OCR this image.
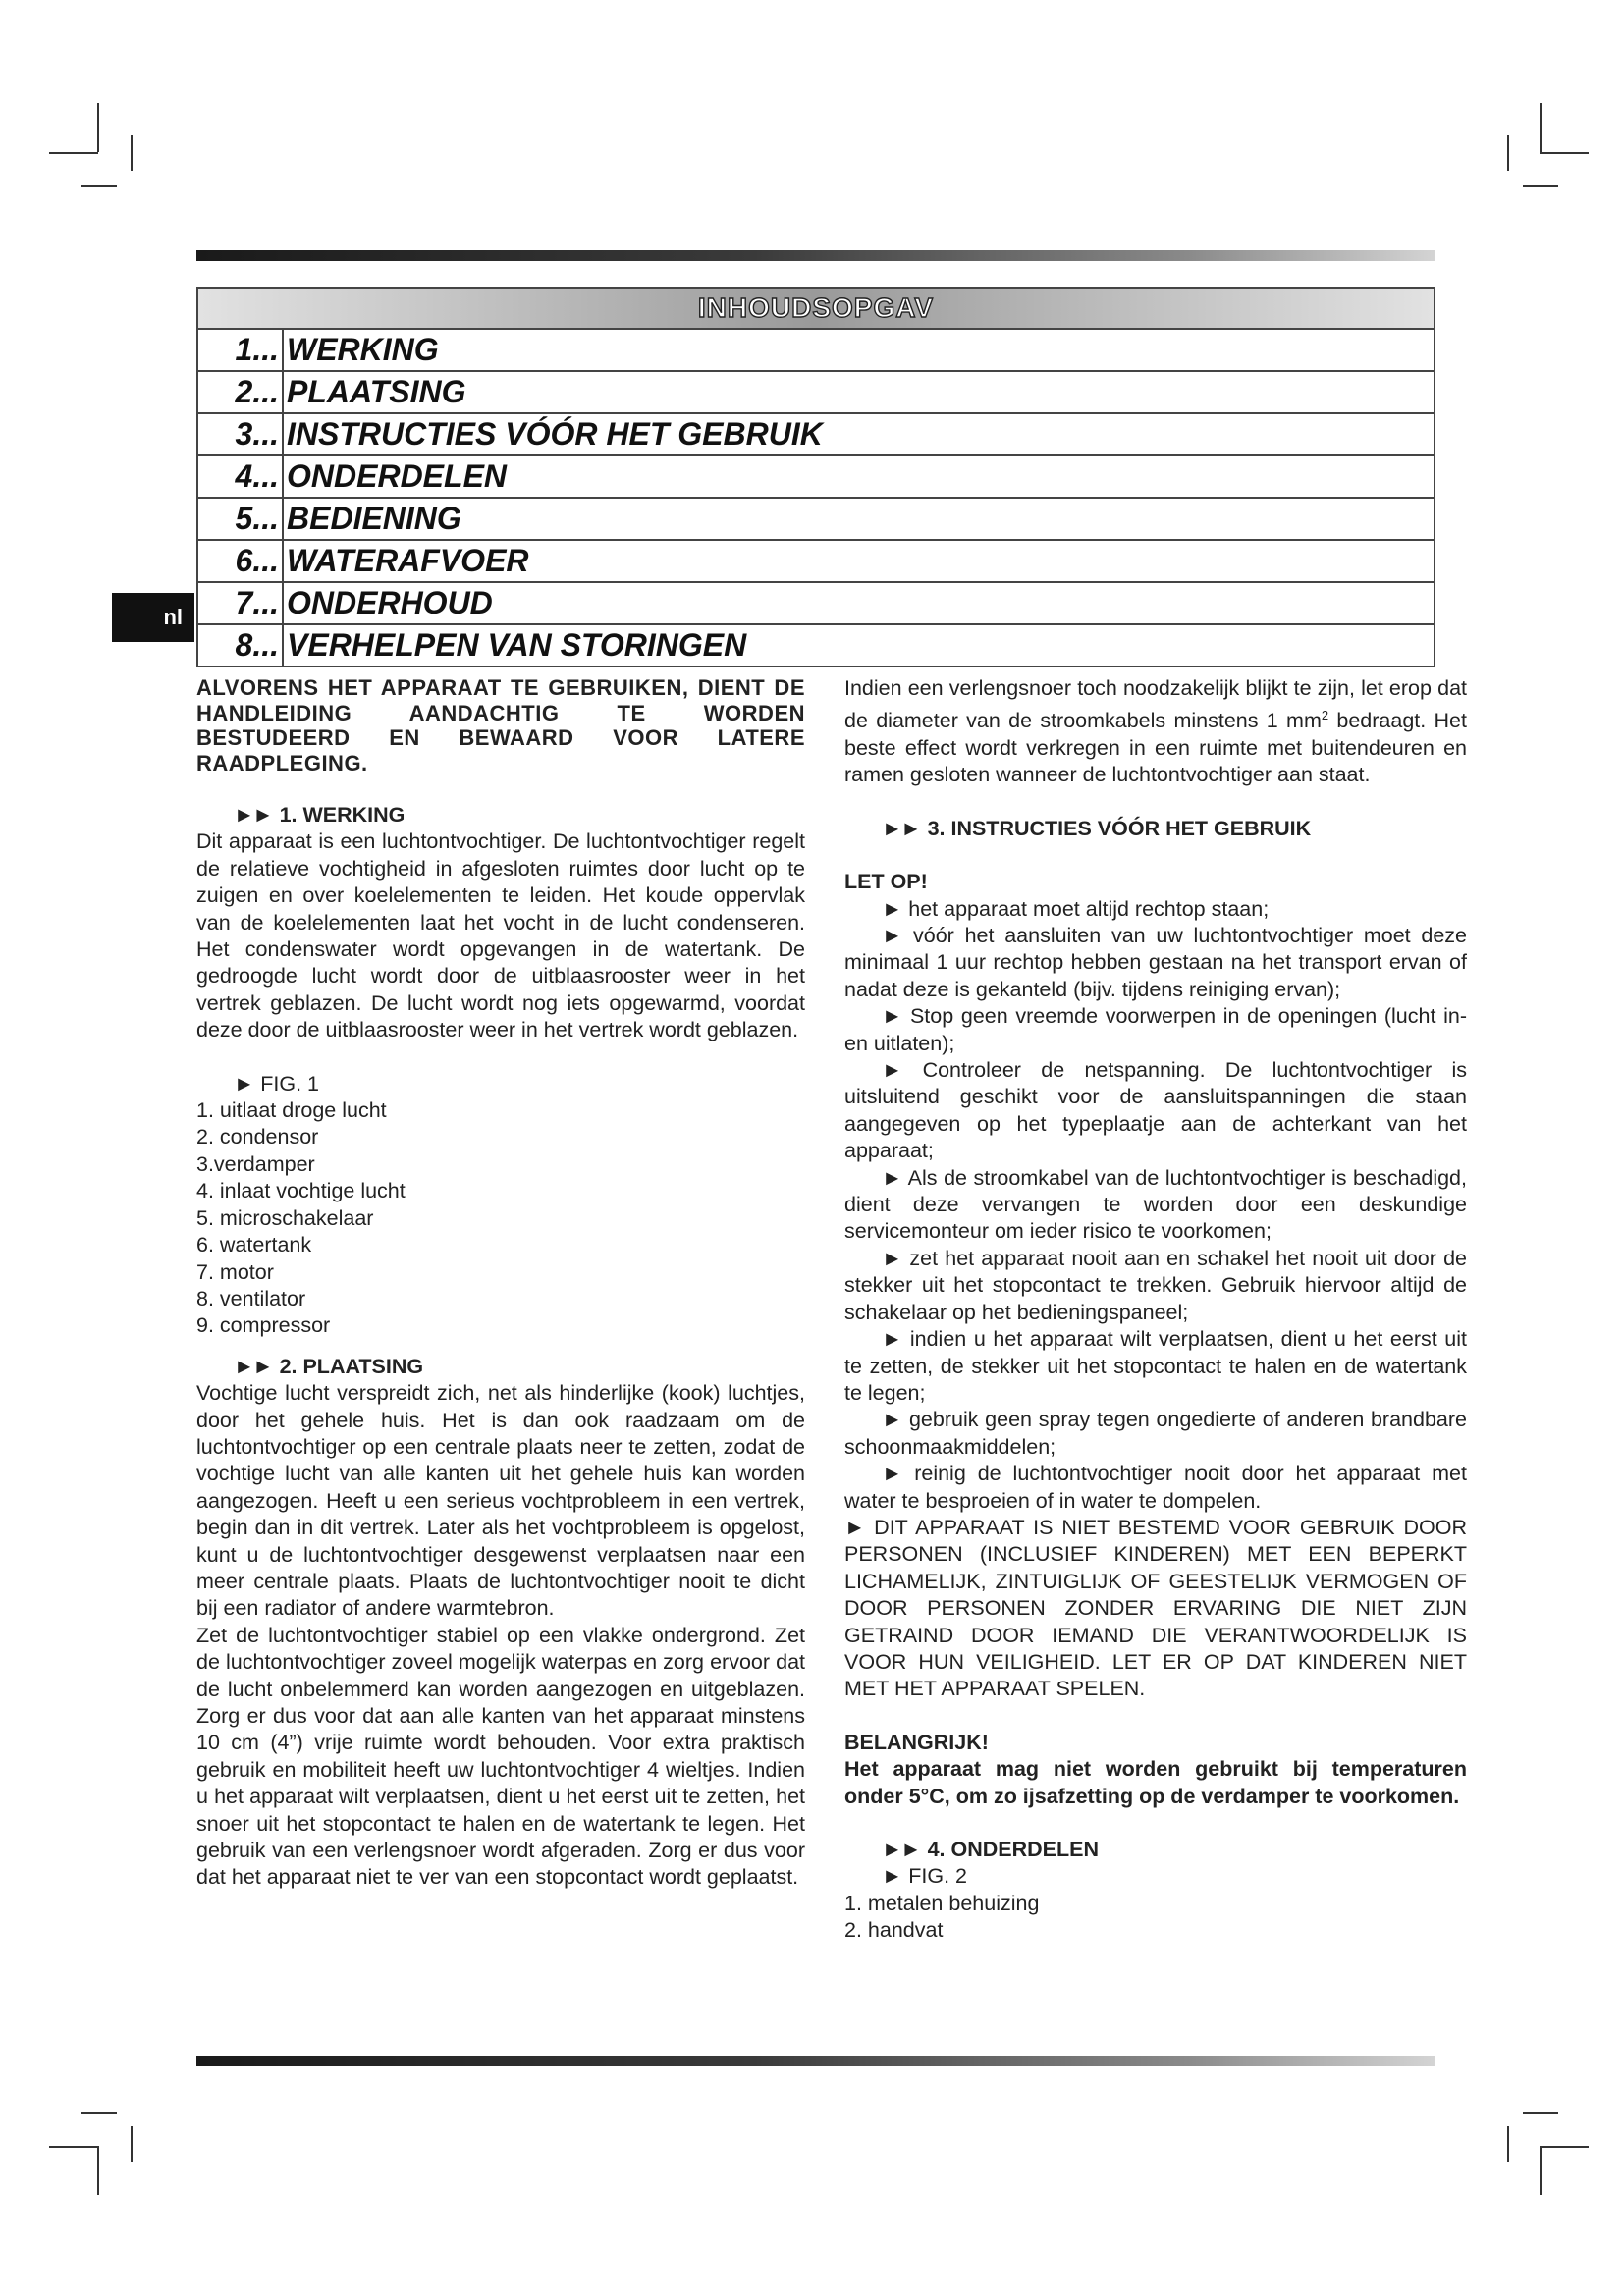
nl
INHOUDSOPGAV
1... WERKING
2... PLAATSING
3... INSTRUCTIES VÓÓR HET GEBRUIK
4... ONDERDELEN
5... BEDIENING
6... WATERAFVOER
7... ONDERHOUD
8... VERHELPEN VAN STORINGEN

ALVORENS HET APPARAAT TE GEBRUIKEN, DIENT DE HANDLEIDING AANDACHTIG TE WORDEN BESTUDEERD EN BEWAARD VOOR LATERE RAADPLEGING.

►► 1. WERKING

Dit apparaat is een luchtontvochtiger. De luchtontvochtiger regelt de relatieve vochtigheid in afgesloten ruimtes door lucht op te zuigen en over koelelementen te leiden. Het koude oppervlak van de koelelementen laat het vocht in de lucht condenseren. Het condenswater wordt opgevangen in de watertank. De gedroogde lucht wordt door de uitblaasrooster weer in het vertrek geblazen. De lucht wordt nog iets opgewarmd, voordat deze door de uitblaasrooster weer in het vertrek wordt geblazen.

► FIG. 1

1. uitlaat droge lucht

2. condensor

3.verdamper

4. inlaat vochtige lucht

5. microschakelaar

6. watertank

7. motor

8. ventilator

9. compressor

►► 2. PLAATSING

Vochtige lucht verspreidt zich, net als hinderlijke (kook) luchtjes, door het gehele huis. Het is dan ook raadzaam om de luchtontvochtiger op een centrale plaats neer te zetten, zodat de vochtige lucht van alle kanten uit het gehele huis kan worden aangezogen. Heeft u een serieus vochtprobleem in een vertrek, begin dan in dit vertrek. Later als het vochtprobleem is opgelost, kunt u de luchtontvochtiger desgewenst verplaatsen naar een meer centrale plaats. Plaats de luchtontvochtiger nooit te dicht bij een radiator of andere warmtebron.

Zet de luchtontvochtiger stabiel op een vlakke ondergrond. Zet de luchtontvochtiger zoveel mogelijk waterpas en zorg ervoor dat de lucht onbelemmerd kan worden aangezogen en uitgeblazen. Zorg er dus voor dat aan alle kanten van het apparaat minstens 10 cm (4”) vrije ruimte wordt behouden. Voor extra praktisch gebruik en mobiliteit heeft uw luchtontvochtiger 4 wieltjes. Indien u het apparaat wilt verplaatsen, dient u het eerst uit te zetten, het snoer uit het stopcontact te halen en de watertank te legen. Het gebruik van een verlengsnoer wordt afgeraden. Zorg er dus voor dat het apparaat niet te ver van een stopcontact wordt geplaatst.

Indien een verlengsnoer toch noodzakelijk blijkt te zijn, let erop dat de diameter van de stroomkabels minstens 1 $mm^2$ bedraagt. Het beste effect wordt verkregen in een ruimte met buitendeuren en ramen gesloten wanneer de luchtontvochtiger aan staat.

►► 3. INSTRUCTIES VÓÓR HET GEBRUIK

LET OP!

► het apparaat moet altijd rechtop staan;

► vóór het aansluiten van uw luchtontvochtiger moet deze minimaal 1 uur rechtop hebben gestaan na het transport ervan of nadat deze is gekanteld (bijv. tijdens reiniging ervan);

► Stop geen vreemde voorwerpen in de openingen (lucht in- en uitlaten);

► Controleer de netspanning. De luchtontvochtiger is uitsluitend geschikt voor de aansluitspanningen die staan aangegeven op het typeplaatje aan de achterkant van het apparaat;

► Als de stroomkabel van de luchtontvochtiger is beschadigd, dient deze vervangen te worden door een deskundige servicemonteur om ieder risico te voorkomen;

► zet het apparaat nooit aan en schakel het nooit uit door de stekker uit het stopcontact te trekken. Gebruik hiervoor altijd de schakelaar op het bedieningspaneel;

► indien u het apparaat wilt verplaatsen, dient u het eerst uit te zetten, de stekker uit het stopcontact te halen en de watertank te legen;

► gebruik geen spray tegen ongedierte of anderen brandbare schoonmaakmiddelen;

► reinig de luchtontvochtiger nooit door het apparaat met water te besproeien of in water te dompelen.

► DIT APPARAAT IS NIET BESTEMD VOOR GEBRUIK DOOR PERSONEN (INCLUSIEF KINDEREN) MET EEN BEPERKT LICHAMELIJK, ZINTUIGLIJK OF GEESTELIJK VERMOGEN OF DOOR PERSONEN ZONDER ERVARING DIE NIET ZIJN GETRAIND DOOR IEMAND DIE VERANTWOORDELIJK IS VOOR HUN VEILIGHEID. LET ER OP DAT KINDEREN NIET MET HET APPARAAT SPELEN.

BELANGRIJK!

Het apparaat mag niet worden gebruikt bij temperaturen onder 5°C, om zo ijsafzetting op de verdamper te voorkomen.

►► 4. ONDERDELEN

► FIG. 2

1. metalen behuizing

2. handvat
